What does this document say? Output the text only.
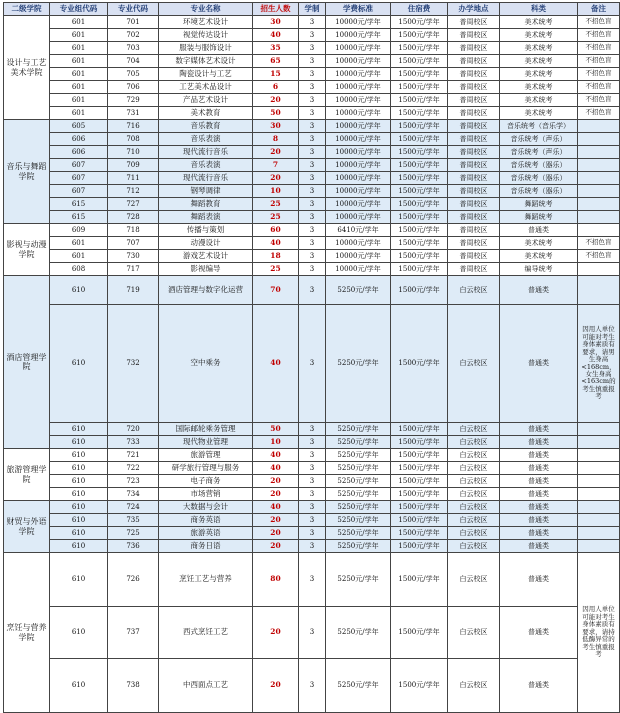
二级学院	专业组代码	专业代码	专业名称	招生人数	学制	学费标准	住宿费	办学地点	科类	备注
设计与工艺美术学院	601	701	环境艺术设计	30	3	10000元/学年	1500元/学年	普周校区	美术统考	不招色盲
	601	702	视觉传达设计	40	3	10000元/学年	1500元/学年	普周校区	美术统考	不招色盲
	601	703	服装与服饰设计	35	3	10000元/学年	1500元/学年	普周校区	美术统考	不招色盲
	601	704	数字媒体艺术设计	65	3	10000元/学年	1500元/学年	普周校区	美术统考	不招色盲
	601	705	陶瓷设计与工艺	15	3	10000元/学年	1500元/学年	普周校区	美术统考	不招色盲
	601	706	工艺美术品设计	6	3	10000元/学年	1500元/学年	普周校区	美术统考	不招色盲
	601	729	产品艺术设计	20	3	10000元/学年	1500元/学年	普周校区	美术统考	不招色盲
	601	731	美术教育	50	3	10000元/学年	1500元/学年	普周校区	美术统考	不招色盲
音乐与舞蹈学院	605	716	音乐教育	30	3	10000元/学年	1500元/学年	普周校区	音乐统考（音乐学）	
	606	708	音乐表演	8	3	10000元/学年	1500元/学年	普周校区	音乐统考（声乐）	
	606	710	现代流行音乐	20	3	10000元/学年	1500元/学年	普周校区	音乐统考（声乐）	
	607	709	音乐表演	7	3	10000元/学年	1500元/学年	普周校区	音乐统考（器乐）	
	607	711	现代流行音乐	20	3	10000元/学年	1500元/学年	普周校区	音乐统考（器乐）	
	607	712	钢琴调律	10	3	10000元/学年	1500元/学年	普周校区	音乐统考（器乐）	
	615	727	舞蹈教育	25	3	10000元/学年	1500元/学年	普周校区	舞蹈统考	
	615	728	舞蹈表演	25	3	10000元/学年	1500元/学年	普周校区	舞蹈统考	
影视与动漫学院	609	718	传播与策划	60	3	6410元/学年	1500元/学年	普周校区	普通类	
	601	707	动漫设计	40	3	10000元/学年	1500元/学年	普周校区	美术统考	不招色盲
	601	730	游戏艺术设计	18	3	10000元/学年	1500元/学年	普周校区	美术统考	不招色盲
	608	717	影视编导	25	3	10000元/学年	1500元/学年	普周校区	编导统考	
酒店管理学院	610	719	酒店管理与数字化运营	70	3	5250元/学年	1500元/学年	白云校区	普通类	
	610	732	空中乘务	40	3	5250元/学年	1500元/学年	白云校区	普通类	因用人单位可能对考生身体素质有要求，请男生身高<168cm，女生身高<163cm的考生慎重报考
	610	720	国际邮轮乘务管理	50	3	5250元/学年	1500元/学年	白云校区	普通类	
	610	733	现代物业管理	10	3	5250元/学年	1500元/学年	白云校区	普通类	
旅游管理学院	610	721	旅游管理	40	3	5250元/学年	1500元/学年	白云校区	普通类	
	610	722	研学旅行管理与服务	40	3	5250元/学年	1500元/学年	白云校区	普通类	
	610	723	电子商务	20	3	5250元/学年	1500元/学年	白云校区	普通类	
	610	734	市场营销	20	3	5250元/学年	1500元/学年	白云校区	普通类	
财贸与外语学院	610	724	大数据与会计	40	3	5250元/学年	1500元/学年	白云校区	普通类	
	610	735	商务英语	20	3	5250元/学年	1500元/学年	白云校区	普通类	
	610	725	旅游英语	20	3	5250元/学年	1500元/学年	白云校区	普通类	
	610	736	商务日语	20	3	5250元/学年	1500元/学年	白云校区	普通类	
烹饪与营养学院	610	726	烹饪工艺与营养	80	3	5250元/学年	1500元/学年	白云校区	普通类	因用人单位可能对考生身体素质有要求，请持低酶异常的考生慎重报考
	610	737	西式烹饪工艺	20	3	5250元/学年	1500元/学年	白云校区	普通类	
	610	738	中西面点工艺	20	3	5250元/学年	1500元/学年	白云校区	普通类	
